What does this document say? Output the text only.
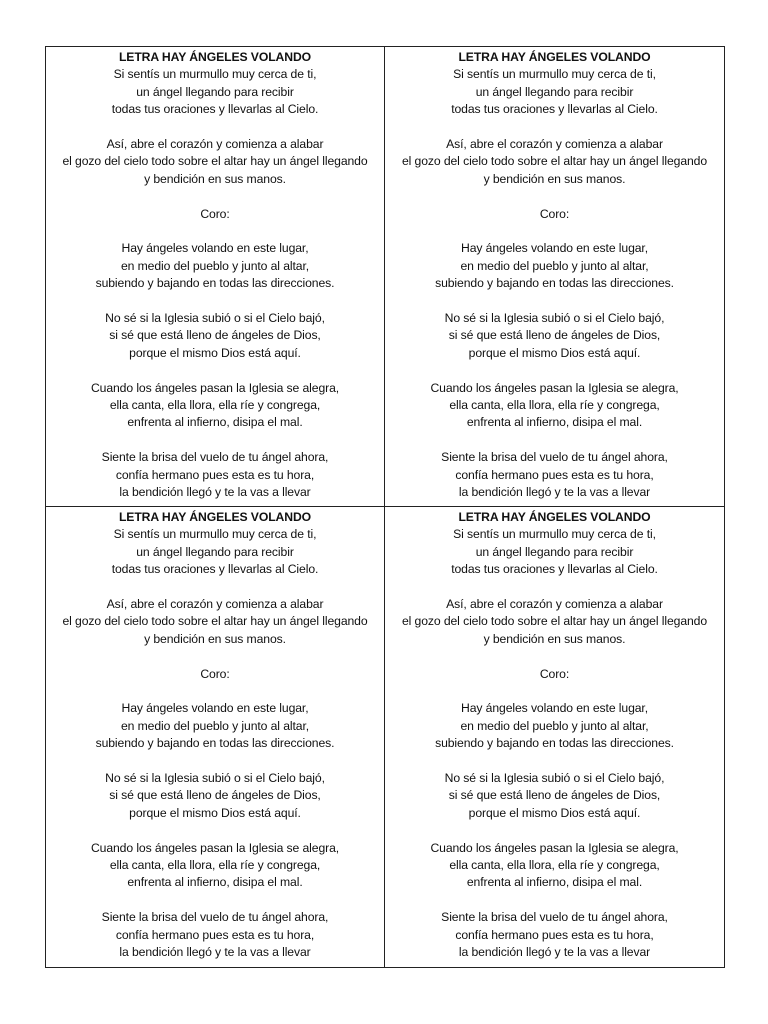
LETRA HAY ÁNGELES VOLANDO
Si sentís un murmullo muy cerca de ti,
un ángel llegando para recibir
todas tus oraciones y llevarlas al Cielo.
Así, abre el corazón y comienza a alabar
el gozo del cielo todo sobre el altar hay un ángel llegando
y bendición en sus manos.
Coro:
Hay ángeles volando en este lugar,
en medio del pueblo y junto al altar,
subiendo y bajando en todas las direcciones.
No sé si la Iglesia subió o si el Cielo bajó,
si sé que está lleno de ángeles de Dios,
porque el mismo Dios está aquí.
Cuando los ángeles pasan la Iglesia se alegra,
ella canta, ella llora, ella ríe y congrega,
enfrenta al infierno, disipa el mal.
Siente la brisa del vuelo de tu ángel ahora,
confía hermano pues esta es tu hora,
la bendición llegó y te la vas a llevar
LETRA HAY ÁNGELES VOLANDO
Si sentís un murmullo muy cerca de ti,
un ángel llegando para recibir
todas tus oraciones y llevarlas al Cielo.
Así, abre el corazón y comienza a alabar
el gozo del cielo todo sobre el altar hay un ángel llegando
y bendición en sus manos.
Coro:
Hay ángeles volando en este lugar,
en medio del pueblo y junto al altar,
subiendo y bajando en todas las direcciones.
No sé si la Iglesia subió o si el Cielo bajó,
si sé que está lleno de ángeles de Dios,
porque el mismo Dios está aquí.
Cuando los ángeles pasan la Iglesia se alegra,
ella canta, ella llora, ella ríe y congrega,
enfrenta al infierno, disipa el mal.
Siente la brisa del vuelo de tu ángel ahora,
confía hermano pues esta es tu hora,
la bendición llegó y te la vas a llevar
LETRA HAY ÁNGELES VOLANDO
Si sentís un murmullo muy cerca de ti,
un ángel llegando para recibir
todas tus oraciones y llevarlas al Cielo.
Así, abre el corazón y comienza a alabar
el gozo del cielo todo sobre el altar hay un ángel llegando
y bendición en sus manos.
Coro:
Hay ángeles volando en este lugar,
en medio del pueblo y junto al altar,
subiendo y bajando en todas las direcciones.
No sé si la Iglesia subió o si el Cielo bajó,
si sé que está lleno de ángeles de Dios,
porque el mismo Dios está aquí.
Cuando los ángeles pasan la Iglesia se alegra,
ella canta, ella llora, ella ríe y congrega,
enfrenta al infierno, disipa el mal.
Siente la brisa del vuelo de tu ángel ahora,
confía hermano pues esta es tu hora,
la bendición llegó y te la vas a llevar
LETRA HAY ÁNGELES VOLANDO
Si sentís un murmullo muy cerca de ti,
un ángel llegando para recibir
todas tus oraciones y llevarlas al Cielo.
Así, abre el corazón y comienza a alabar
el gozo del cielo todo sobre el altar hay un ángel llegando
y bendición en sus manos.
Coro:
Hay ángeles volando en este lugar,
en medio del pueblo y junto al altar,
subiendo y bajando en todas las direcciones.
No sé si la Iglesia subió o si el Cielo bajó,
si sé que está lleno de ángeles de Dios,
porque el mismo Dios está aquí.
Cuando los ángeles pasan la Iglesia se alegra,
ella canta, ella llora, ella ríe y congrega,
enfrenta al infierno, disipa el mal.
Siente la brisa del vuelo de tu ángel ahora,
confía hermano pues esta es tu hora,
la bendición llegó y te la vas a llevar
